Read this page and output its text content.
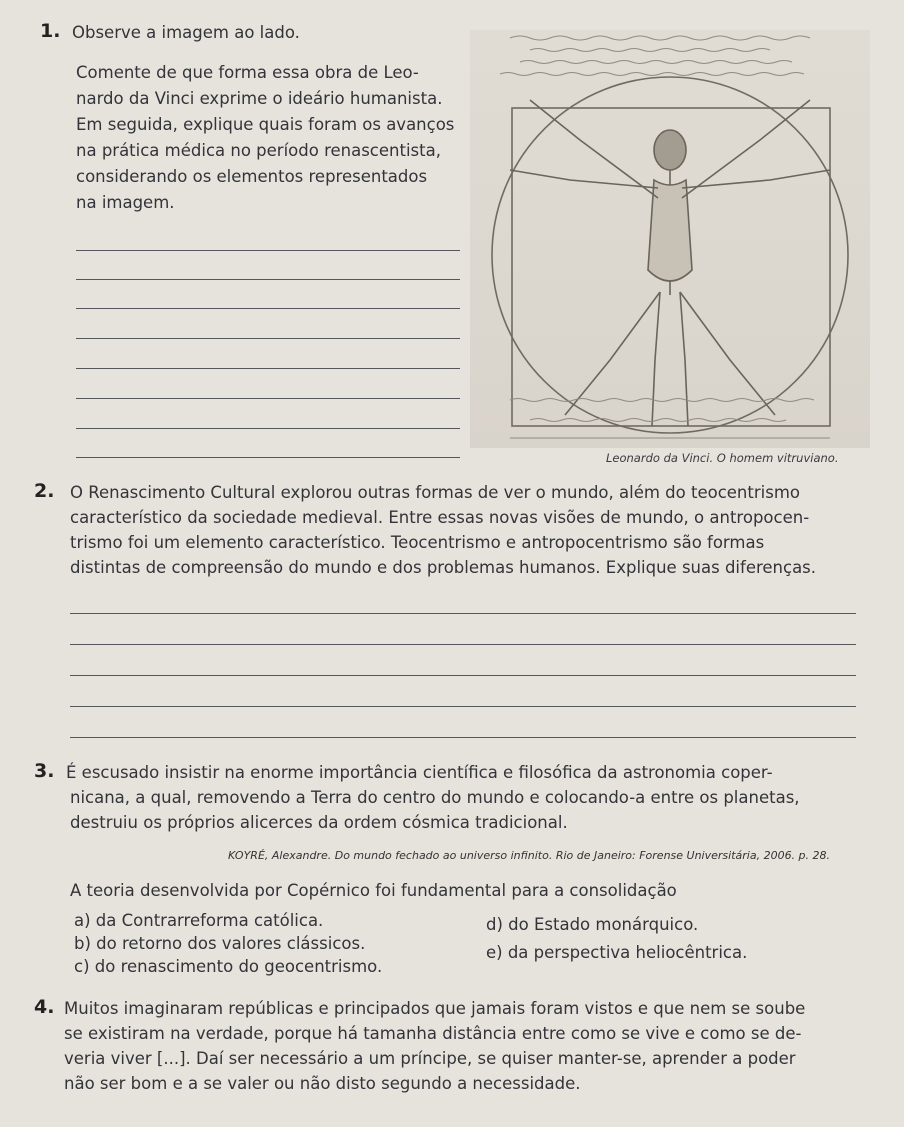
1. Observe a imagem ao lado.
Comente de que forma essa obra de Leo-
nardo da Vinci exprime o ideário humanista.
Em seguida, explique quais foram os avanços
na prática médica no período renascentista,
considerando os elementos representados
na imagem.
Leonardo da Vinci. O homem vitruviano.
2. O Renascimento Cultural explorou outras formas de ver o mundo, além do teocentrismo
característico da sociedade medieval. Entre essas novas visões de mundo, o antropocen-
trismo foi um elemento característico. Teocentrismo e antropocentrismo são formas
distintas de compreensão do mundo e dos problemas humanos. Explique suas diferenças.
3. É escusado insistir na enorme importância científica e filosófica da astronomia coper-
nicana, a qual, removendo a Terra do centro do mundo e colocando-a entre os planetas,
destruiu os próprios alicerces da ordem cósmica tradicional.
KOYRÉ, Alexandre. Do mundo fechado ao universo infinito. Rio de Janeiro: Forense Universitária, 2006. p. 28.
A teoria desenvolvida por Copérnico foi fundamental para a consolidação
a) da Contrarreforma católica.
b) do retorno dos valores clássicos.
c) do renascimento do geocentrismo.
d) do Estado monárquico.
e) da perspectiva heliocêntrica.
4. Muitos imaginaram repúblicas e principados que jamais foram vistos e que nem se soube
se existiram na verdade, porque há tamanha distância entre como se vive e como se de-
veria viver [...]. Daí ser necessário a um príncipe, se quiser manter-se, aprender a poder
não ser bom e a se valer ou não disto segundo a necessidade.
